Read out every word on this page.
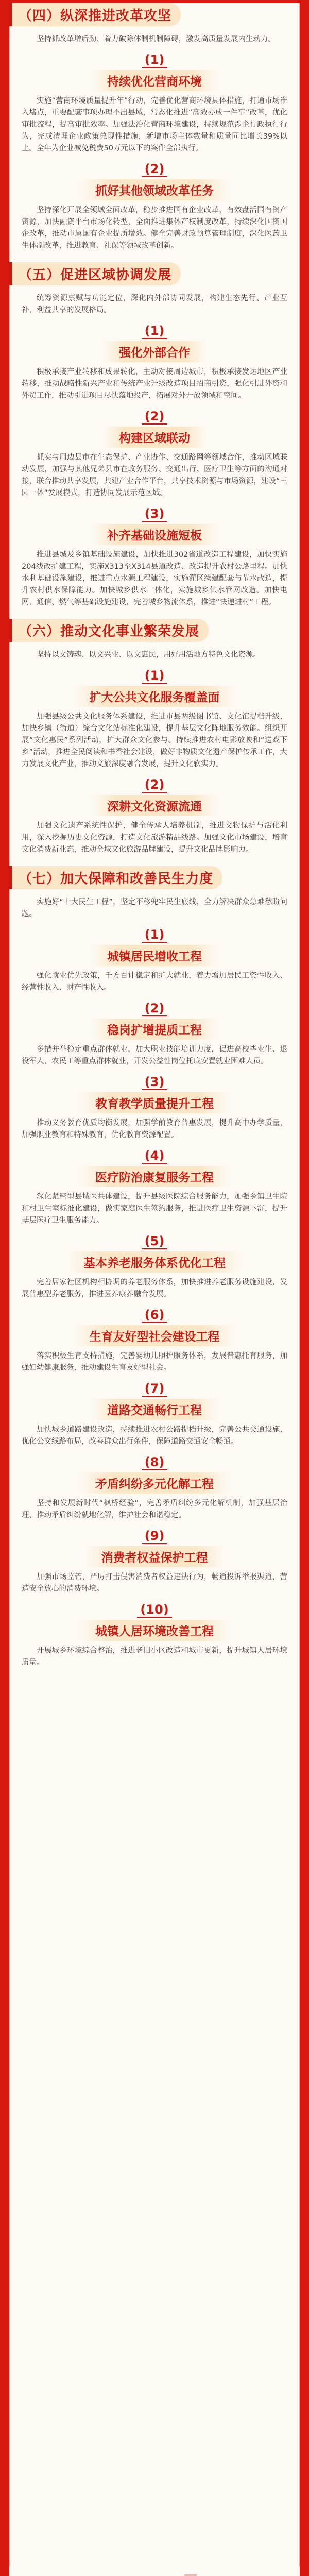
（四）纵深推进改革攻坚

坚持抓改革增后劲、着力破除体制机制障碍，激发高质量发展内生动力。

(1)
持续优化营商环境

实施“营商环境质量提升年”行动，完善优化营商环境具体措施，打通市场准入堵点，重要配套事项办理不出县域，常态化推进“高效办成一件事”改革，优化审批流程，提高审批效率。加强法治化营商环境建设，持续规范涉企行政执行行为，完成清理企业政策兑现性措施，新增市场主体数量和质量同比增长39%以上。全年为企业减免税费50万元以下的案件全部执行。

(2)
抓好其他领域改革任务

坚持深化开展全领域全面改革，稳步推进国有企业改革，有效盘活国有资产资源，加快融资平台市场化转型，全面推进集体产权制度改革，持续深化国资国企改革，推动市属国有企业提质增效。健全完善财政预算管理制度，深化医药卫生体制改革，推进教育、社保等领域改革创新。

（五）促进区域协调发展

统筹资源禀赋与功能定位，深化内外部协同发展，构建生态先行、产业互补、利益共享的发展格局。

(1)
强化外部合作

积极承接产业转移和成果转化，主动对接周边城市，积极承接发达地区产业转移，推动战略性新兴产业和传统产业升级改造项目招商引资，强化引进外资和外贸工作，推动引进项目尽快落地投产，拓展对外开放领域和空间。

(2)
构建区域联动

抓实与周边县市在生态保护、产业协作、交通路网等领域合作，推动区域联动发展，加强与其他兄弟县市在政务服务、交通出行、医疗卫生等方面的沟通对接，联合推动共享发展，共建产业合作平台，共享技术资源与市场资源，建设“三园一体”发展模式，打造协同发展示范区域。

(3)
补齐基础设施短板

推进县城及乡镇基础设施建设，加快推进302省道改造工程建设，加快实施204线改扩建工程，实施X313至X314县道改造、改造提升农村公路里程。加快水利基础设施建设，推进重点水源工程建设，实施灌区续建配套与节水改造，提升农村供水保障能力。加快城乡供水一体化，实施城乡供水管网改造。加快电网、通信、燃气等基础设施建设，完善城乡物流体系，推进“快递进村”工程。

（六）推动文化事业繁荣发展

坚持以文铸魂、以文兴业、以文惠民，用好用活地方特色文化资源。

(1)
扩大公共文化服务覆盖面

加强县级公共文化服务体系建设，推进市县两级图书馆、文化馆提档升级，加快乡镇（街道）综合文化站标准化建设，提升基层文化阵地服务效能。组织开展“文化惠民”系列活动，扩大群众文化参与。持续推进农村电影放映和“送戏下乡”活动，推进全民阅读和书香社会建设，做好非物质文化遗产保护传承工作，大力发展文化产业，推动文旅深度融合发展，提升文化软实力。

(2)
深耕文化资源流通

加强文化遗产系统性保护，健全传承人培养机制，推进文物保护与活化利用，深入挖掘历史文化资源，打造文化旅游精品线路。加强文化市场建设，培育文化消费新业态，推动全域文化旅游品牌建设，提升文化品牌影响力。

（七）加大保障和改善民生力度

实施好“十大民生工程”，坚定不移兜牢民生底线，全力解决群众急难愁盼问题。

(1)
城镇居民增收工程

强化就业优先政策，千方百计稳定和扩大就业，着力增加居民工资性收入、经营性收入、财产性收入。

(2)
稳岗扩增提质工程

多措并举稳定重点群体就业，加大职业技能培训力度，促进高校毕业生、退役军人、农民工等重点群体就业，开发公益性岗位托底安置就业困难人员。

(3)
教育教学质量提升工程

推动义务教育优质均衡发展，加强学前教育普惠发展，提升高中办学质量，加强职业教育和特殊教育，优化教育资源配置。

(4)
医疗防治康复服务工程

深化紧密型县域医共体建设，提升县级医院综合服务能力，加强乡镇卫生院和村卫生室标准化建设，做实家庭医生签约服务，推进医疗卫生资源下沉，提升基层医疗卫生服务能力。

(5)
基本养老服务体系优化工程

完善居家社区机构相协调的养老服务体系，加快推进养老服务设施建设，发展普惠型养老服务，推进医养康养融合发展。

(6)
生育友好型社会建设工程

落实积极生育支持措施，完善婴幼儿照护服务体系，发展普惠托育服务，加强妇幼健康服务，推动建设生育友好型社会。

(7)
道路交通畅行工程

加快城乡道路建设改造，持续推进农村公路提档升级，完善公共交通设施，优化公交线路布局，改善群众出行条件，保障道路交通安全畅通。

(8)
矛盾纠纷多元化解工程

坚持和发展新时代“枫桥经验”，完善矛盾纠纷多元化解机制，加强基层治理，推动矛盾纠纷就地化解，维护社会和谐稳定。

(9)
消费者权益保护工程

加强市场监管，严厉打击侵害消费者权益违法行为，畅通投诉举报渠道，营造安全放心的消费环境。

(10)
城镇人居环境改善工程

开展城乡环境综合整治，推进老旧小区改造和城市更新，提升城镇人居环境质量。
